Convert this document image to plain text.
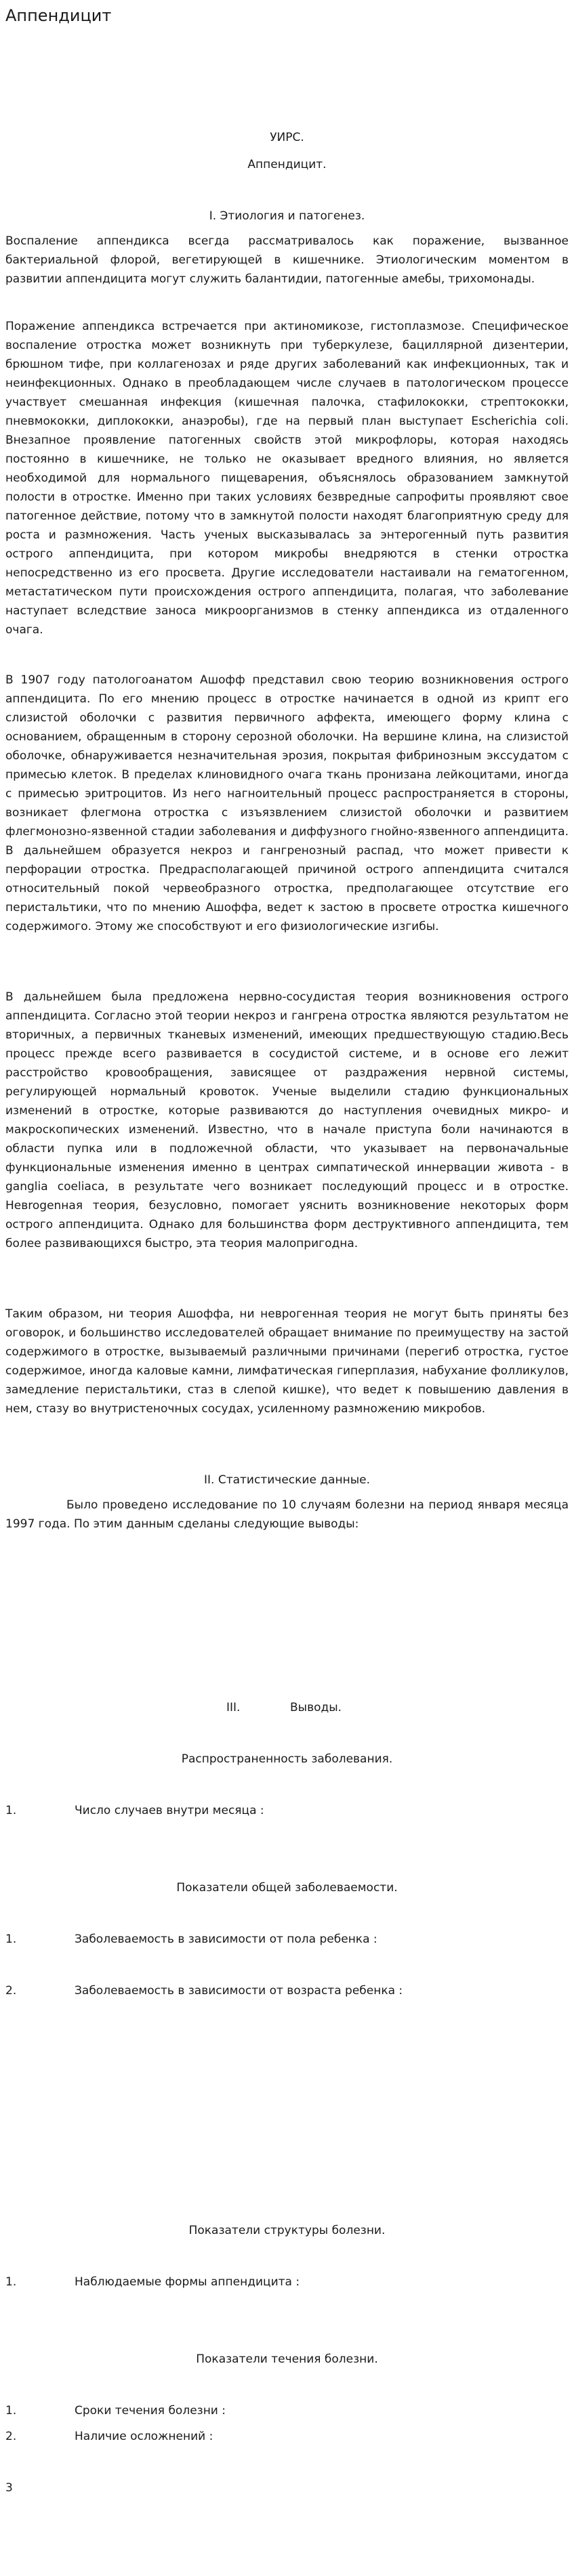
Аппендицит
УИРС.
Аппендицит.
I. Этиология и патогенез.

Воспаление аппендикса всегда рассматривалось как поражение, вызванное бактериальной флорой, вегетирующей в кишечнике. Этиологическим моментом в развитии аппендицита могут служить балантидии, патогенные амебы, трихомонады.

Поражение аппендикса встречается при актиномикозе, гистоплазмозе. Специфическое воспаление отростка может возникнуть при туберкулезе, бациллярной дизентерии, брюшном тифе, при коллагенозах и ряде других заболеваний как инфекционных, так и неинфекционных. Однако в преобладающем числе случаев в патологическом процессе участвует смешанная инфекция (кишечная палочка, стафилококки, стрептококки, пневмококки, диплококки, анаэробы), где на первый план выступает Escherichia coli. Внезапное проявление патогенных свойств этой микрофлоры, которая находясь постоянно в кишечнике, не только не оказывает вредного влияния, но является необходимой для нормального пищеварения, объяснялось образованием замкнутой полости в отростке. Именно при таких условиях безвредные сапрофиты проявляют свое патогенное действие, потому что в замкнутой полости находят благоприятную среду для роста и размножения. Часть ученых высказывалась за энтерогенный путь развития острого аппендицита, при котором микробы внедряются в стенки отростка непосредственно из его просвета. Другие исследователи настаивали на гематогенном, метастатическом пути происхождения острого аппендицита, полагая, что заболевание наступает вследствие заноса микроорганизмов в стенку аппендикса из отдаленного очага.

В 1907 году патологоанатом Ашофф представил свою теорию возникновения острого аппендицита. По его мнению процесс в отростке начинается в одной из крипт его слизистой оболочки с развития первичного аффекта, имеющего форму клина с основанием, обращенным в сторону серозной оболочки. На вершине клина, на слизистой оболочке, обнаруживается незначительная эрозия, покрытая фибринозным экссудатом с примесью клеток. В пределах клиновидного очага ткань пронизана лейкоцитами, иногда с примесью эритроцитов. Из него нагноительный процесс распространяется в стороны, возникает флегмона отростка с изъязвлением слизистой оболочки и развитием флегмонозно-язвенной стадии заболевания и диффузного гнойно-язвенного аппендицита. В дальнейшем образуется некроз и гангренозный распад, что может привести к перфорации отростка. Предрасполагающей причиной острого аппендицита считался относительный покой червеобразного отростка, предполагающее отсутствие его перистальтики, что по мнению Ашоффа, ведет к застою в просвете отростка кишечного содержимого. Этому же способствуют и его физиологические изгибы.

В дальнейшем была предложена нервно-сосудистая теория возникновения острого аппендицита. Согласно этой теории некроз и гангрена отростка являются результатом не вторичных, а первичных тканевых изменений, имеющих предшествующую стадию.Весь процесс прежде всего развивается в сосудистой системе, и в основе его лежит расстройство кровообращения, зависящее от раздражения нервной системы, регулирующей нормальный кровоток. Ученые выделили стадию функциональных изменений в отростке, которые развиваются до наступления очевидных микро- и макроскопических изменений. Известно, что в начале приступа боли начинаются в области пупка или в подложечной области, что указывает на первоначальные функциональные изменения именно в центрах симпатической иннервации живота - в ganglia coeliaca, в результате чего возникает последующий процесс и в отростке. Невrogenная теория, безусловно, помогает уяснить возникновение некоторых форм острого аппендицита. Однако для большинства форм деструктивного аппендицита, тем более развивающихся быстро, эта теория малопригодна.

Таким образом, ни теория Ашоффа, ни неврогенная теория не могут быть приняты без оговорок, и большинство исследователей обращает внимание по преимуществу на застой содержимого в отростке, вызываемый различными причинами (перегиб отростка, густое содержимое, иногда каловые камни, лимфатическая гиперплазия, набухание фолликулов, замедление перистальтики, стаз в слепой кишке), что ведет к повышению давления в нем, стазу во внутристеночных сосудах, усиленному размножению микробов.

II. Статистические данные.

Было проведено исследование по 10 случаям болезни на период января месяца 1997 года. По этим данным сделаны следующие выводы:

III.	Выводы.
Распространенность заболевания.
1.	Число случаев внутри месяца :
Показатели общей заболеваемости.
1.	Заболеваемость в зависимости от пола ребенка :
2.	Заболеваемость в зависимости от возраста ребенка :
Показатели структуры болезни.
1.	Наблюдаемые формы аппендицита :
Показатели течения болезни.
1.	Сроки течения болезни :
2.	Наличие осложнений :
3
